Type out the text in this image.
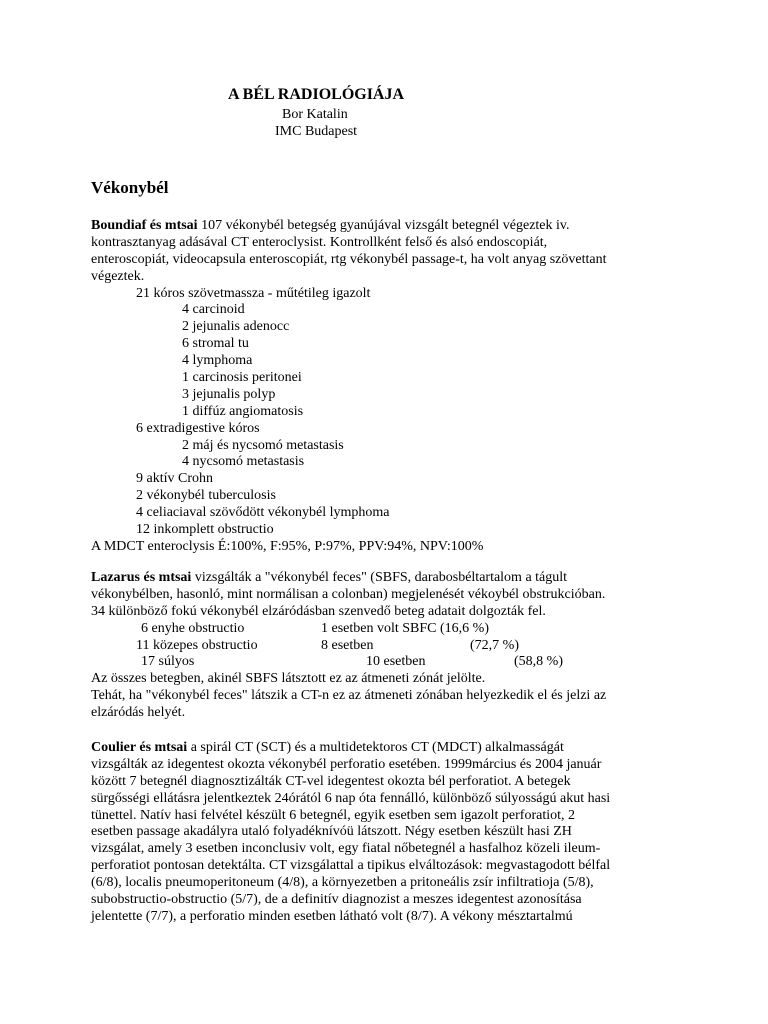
A BÉL RADIOLÓGIÁJA
Bor Katalin
IMC Budapest
Vékonybél
Boundiaf és mtsai 107 vékonybél betegség gyanújával vizsgált betegnél végeztek iv.
kontrasztanyag adásával CT enteroclysist. Kontrollként felső és alsó endoscopiát,
enteroscopiát, videocapsula enteroscopiát, rtg vékonybél passage-t, ha volt anyag szövettant
végeztek.
21 kóros szövetmassza - műtétileg igazolt
4 carcinoid
2 jejunalis adenocc
6 stromal tu
4 lymphoma
1 carcinosis peritonei
3 jejunalis polyp
1 diffúz angiomatosis
6 extradigestive kóros
2 máj és nycsomó metastasis
4 nycsomó metastasis
9 aktív Crohn
2 vékonybél tuberculosis
4 celiaciaval szövődött vékonybél lymphoma
12 inkomplett obstructio
A MDCT enteroclysis É:100%, F:95%, P:97%, PPV:94%, NPV:100%
Lazarus és mtsai vizsgálták a "vékonybél feces" (SBFS, darabosbéltartalom a tágult
vékonybélben, hasonló, mint normálisan a colonban) megjelenését vékoybél obstrukcióban.
34 különböző fokú vékonybél elzáródásban szenvedő beteg adatait dolgozták fel.
6 enyhe obstructio	1 esetben volt SBFC (16,6 %)
11 közepes obstructio	8 esetben	(72,7 %)
17 súlyos	10 esetben	(58,8 %)
Az összes betegben, akinél SBFS látsztott ez az átmeneti zónát jelölte.
Tehát, ha "vékonybél feces" látszik a CT-n ez az átmeneti zónában helyezkedik el és jelzi az
elzáródás helyét.
Coulier és mtsai a spirál CT (SCT) és a multidetektoros CT (MDCT) alkalmasságát
vizsgálták az idegentest okozta vékonybél perforatio esetében. 1999március és 2004 január
között 7 betegnél diagnosztizálták CT-vel idegentest okozta bél perforatiot. A betegek
sürgősségi ellátásra jelentkeztek 24órától 6 nap óta fennálló, különböző súlyosságú akut hasi
tünettel. Natív hasi felvétel készült 6 betegnél, egyik esetben sem igazolt perforatiot, 2
esetben passage akadályra utaló folyadéknívóü látszott. Négy esetben készült hasi ZH
vizsgálat, amely 3 esetben inconclusiv volt, egy fiatal nőbetegnél a hasfalhoz közeli ileum-
perforatiot pontosan detektálta. CT vizsgálattal a tipikus elváltozások: megvastagodott bélfal
(6/8), localis pneumoperitoneum (4/8), a környezetben a pritoneális zsír infiltratioja (5/8),
subobstructio-obstructio (5/7), de a definitív diagnozist a meszes idegentest azonosítása
jelentette (7/7), a perforatio minden esetben látható volt (8/7). A vékony mésztartalmú
